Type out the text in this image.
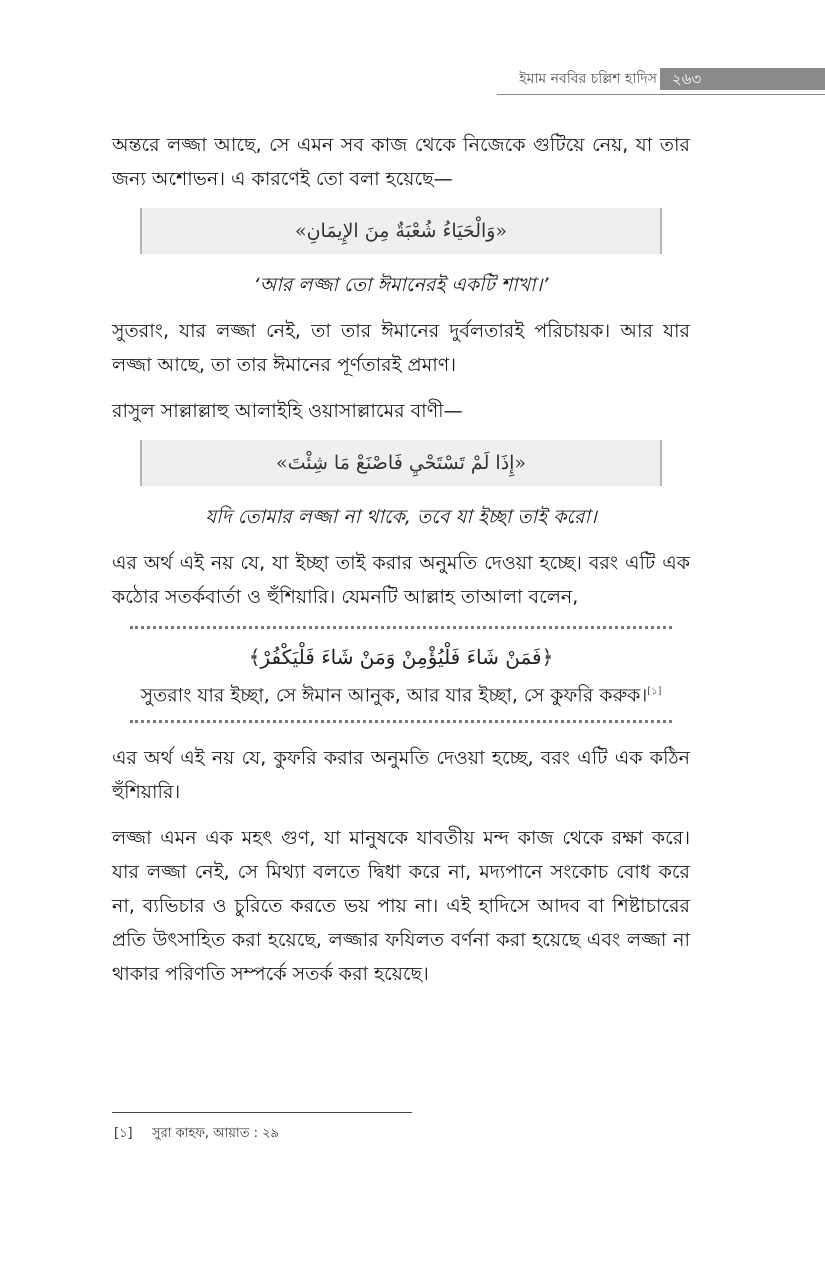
ইমাম নববির চল্লিশ হাদিস	২৬৩

অন্তরে লজ্জা আছে, সে এমন সব কাজ থেকে নিজেকে গুটিয়ে নেয়, যা তার জন্য অশোভন। এ কারণেই তো বলা হয়েছে—

«وَالْحَيَاءُ شُعْبَةٌ مِنَ الإِيمَانِ»

‘আর লজ্জা তো ঈমানেরই একটি শাখা।’

সুতরাং, যার লজ্জা নেই, তা তার ঈমানের দুর্বলতারই পরিচায়ক। আর যার লজ্জা আছে, তা তার ঈমানের পূর্ণতারই প্রমাণ।

রাসুল সাল্লাল্লাহু আলাইহি ওয়াসাল্লামের বাণী—

«إِذَا لَمْ تَسْتَحْيِ فَاصْنَعْ مَا شِئْتَ»

যদি তোমার লজ্জা না থাকে, তবে যা ইচ্ছা তাই করো।

এর অর্থ এই নয় যে, যা ইচ্ছা তাই করার অনুমতি দেওয়া হচ্ছে। বরং এটি এক কঠোর সতর্কবার্তা ও হুঁশিয়ারি। যেমনটি আল্লাহ তাআলা বলেন,

﴿فَمَنْ شَاءَ فَلْيُؤْمِنْ وَمَنْ شَاءَ فَلْيَكْفُرْ﴾

সুতরাং যার ইচ্ছা, সে ঈমান আনুক, আর যার ইচ্ছা, সে কুফরি করুক।[১]

এর অর্থ এই নয় যে, কুফরি করার অনুমতি দেওয়া হচ্ছে, বরং এটি এক কঠিন হুঁশিয়ারি।

লজ্জা এমন এক মহৎ গুণ, যা মানুষকে যাবতীয় মন্দ কাজ থেকে রক্ষা করে। যার লজ্জা নেই, সে মিথ্যা বলতে দ্বিধা করে না, মদ্যপানে সংকোচ বোধ করে না, ব্যভিচার ও চুরিতে করতে ভয় পায় না। এই হাদিসে আদব বা শিষ্টাচারের প্রতি উৎসাহিত করা হয়েছে, লজ্জার ফযিলত বর্ণনা করা হয়েছে এবং লজ্জা না থাকার পরিণতি সম্পর্কে সতর্ক করা হয়েছে।

[১] সুরা কাহফ, আয়াত : ২৯
